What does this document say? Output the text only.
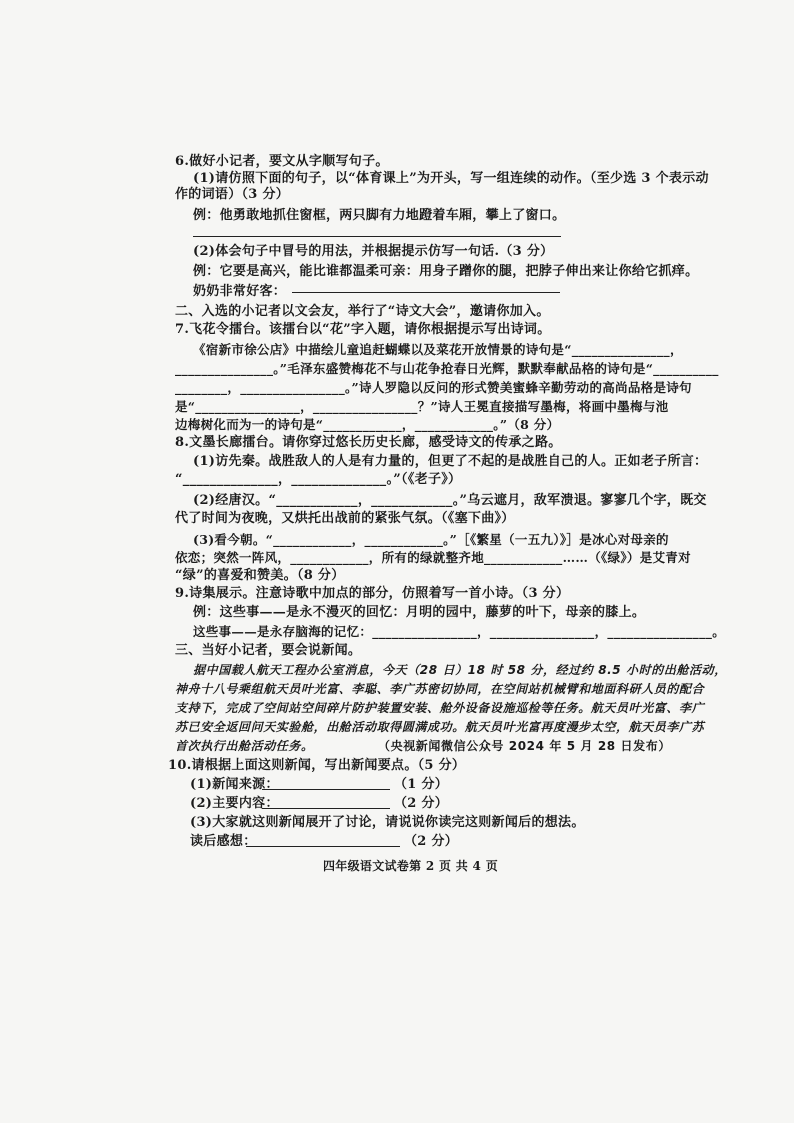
6.做好小记者，要文从字顺写句子。
(1)请仿照下面的句子，以“体育课上”为开头，写一组连续的动作。（至少选 3 个表示动
作的词语）（3 分）
例：他勇敢地抓住窗框，两只脚有力地蹬着车厢，攀上了窗口。
(2)体会句子中冒号的用法，并根据提示仿写一句话.（3 分）
例：它要是高兴，能比谁都温柔可亲：用身子蹭你的腿，把脖子伸出来让你给它抓痒。
奶奶非常好客：
二、入选的小记者以文会友，举行了“诗文大会”，邀请你加入。
7.飞花令擂台。该擂台以“花”字入题，请你根据提示写出诗词。
《宿新市徐公店》中描绘儿童追赶蝴蝶以及菜花开放情景的诗句是“_______________，
_______________。”毛泽东盛赞梅花不与山花争抢春日光辉，默默奉献品格的诗句是“__________
________，________________。”诗人罗隐以反问的形式赞美蜜蜂辛勤劳动的高尚品格是诗句
是“________________，________________？”诗人王冕直接描写墨梅，将画中墨梅与池
边梅树化而为一的诗句是“____________，____________。”（8 分）
8.文墨长廊擂台。请你穿过悠长历史长廊，感受诗文的传承之路。
(1)访先秦。战胜敌人的人是有力量的，但更了不起的是战胜自己的人。正如老子所言：
“______________，______________。”（《老子》）
(2)经唐汉。“____________，____________。”乌云遮月，敌军溃退。寥寥几个字，既交
代了时间为夜晚，又烘托出战前的紧张气氛。（《塞下曲》）
(3)看今朝。“____________，____________。”［《繁星（一五九）》］是冰心对母亲的
依恋；突然一阵风，____________，所有的绿就整齐地____________……（《绿》）是艾青对
“绿”的喜爱和赞美。（8 分）
9.诗集展示。注意诗歌中加点的部分，仿照着写一首小诗。（3 分）
例：这些事——是永不漫灭的回忆：月明的园中，藤萝的叶下，母亲的膝上。
这些事——是永存脑海的记忆：________________，________________，________________。
三、当好小记者，要会说新闻。
据中国载人航天工程办公室消息，今天（28 日）18 时 58 分，经过约 8.5 小时的出舱活动，
神舟十八号乘组航天员叶光富、李聪、李广苏密切协同，在空间站机械臂和地面科研人员的配合
支持下，完成了空间站空间碎片防护装置安装、舱外设备设施巡检等任务。航天员叶光富、李广
苏已安全返回问天实验舱，出舱活动取得圆满成功。航天员叶光富再度漫步太空，航天员李广苏
首次执行出舱活动任务。	（央视新闻微信公众号 2024 年 5 月 28 日发布）
10.请根据上面这则新闻，写出新闻要点。（5 分）
(1)新闻来源：	（1 分）
(2)主要内容：	（2 分）
(3)大家就这则新闻展开了讨论，请说说你读完这则新闻后的想法。
读后感想：	（2 分）
四年级语文试卷第 2 页 共 4 页
